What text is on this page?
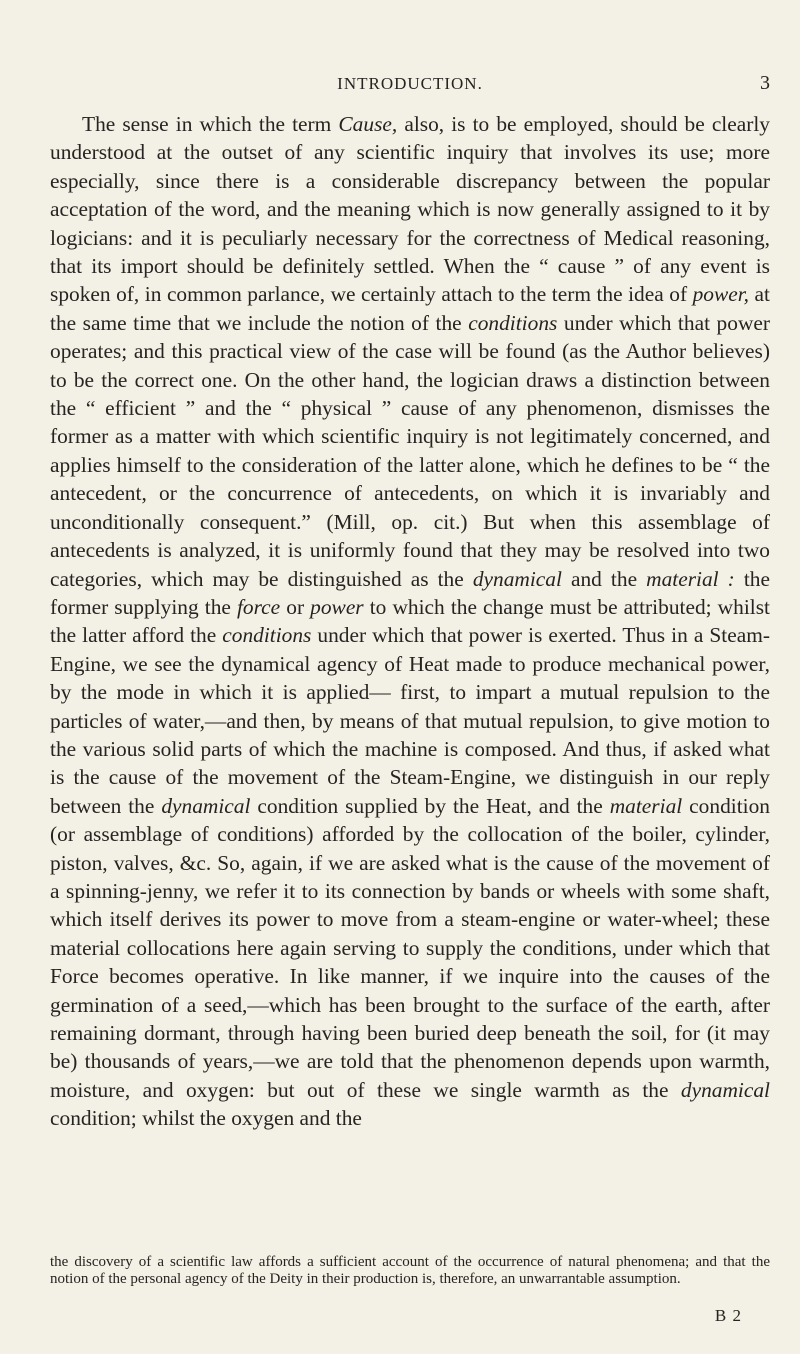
INTRODUCTION.	3

The sense in which the term Cause, also, is to be employed, should be clearly understood at the outset of any scientific inquiry that involves its use; more especially, since there is a considerable discrepancy between the popular acceptation of the word, and the meaning which is now generally assigned to it by logicians: and it is peculiarly necessary for the correctness of Medical reasoning, that its import should be definitely settled. When the “ cause ” of any event is spoken of, in common parlance, we certainly attach to the term the idea of power, at the same time that we include the notion of the conditions under which that power operates; and this practical view of the case will be found (as the Author believes) to be the correct one. On the other hand, the logician draws a distinction between the “ efficient ” and the “ physical ” cause of any phenomenon, dismisses the former as a matter with which scientific inquiry is not legitimately concerned, and applies himself to the consideration of the latter alone, which he defines to be “ the antecedent, or the concurrence of antecedents, on which it is invariably and unconditionally consequent.” (Mill, op. cit.) But when this assemblage of antecedents is analyzed, it is uniformly found that they may be resolved into two categories, which may be distinguished as the dynamical and the material : the former supplying the force or power to which the change must be attributed; whilst the latter afford the conditions under which that power is exerted. Thus in a Steam-Engine, we see the dynamical agency of Heat made to produce mechanical power, by the mode in which it is applied— first, to impart a mutual repulsion to the particles of water,—and then, by means of that mutual repulsion, to give motion to the various solid parts of which the machine is composed. And thus, if asked what is the cause of the movement of the Steam-Engine, we distinguish in our reply between the dynamical condition supplied by the Heat, and the material condition (or assemblage of conditions) afforded by the collocation of the boiler, cylinder, piston, valves, &c. So, again, if we are asked what is the cause of the movement of a spinning-jenny, we refer it to its connection by bands or wheels with some shaft, which itself derives its power to move from a steam-engine or water-wheel; these material collocations here again serving to supply the conditions, under which that Force becomes operative. In like manner, if we inquire into the causes of the germination of a seed,—which has been brought to the surface of the earth, after remaining dormant, through having been buried deep beneath the soil, for (it may be) thousands of years,—we are told that the phenomenon depends upon warmth, moisture, and oxygen: but out of these we single warmth as the dynamical condition; whilst the oxygen and the

the discovery of a scientific law affords a sufficient account of the occurrence of natural phenomena; and that the notion of the personal agency of the Deity in their production is, therefore, an unwarrantable assumption.
B 2
